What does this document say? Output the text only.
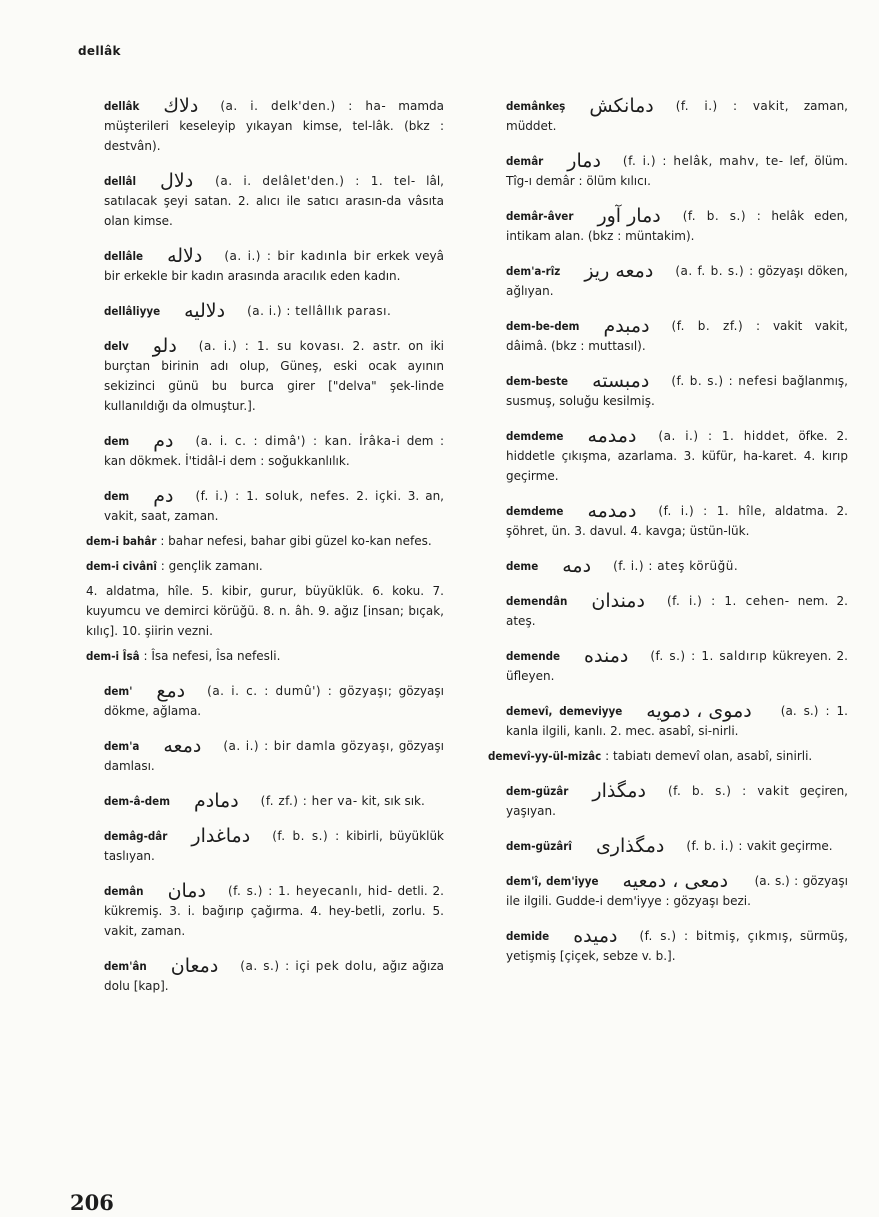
dellâk
dellâk دلاك (a. i. delk'den.) : ha- mamda müşterileri keseleyip yıkayan kimse, tel-lâk. (bkz : destvân).
dellâl دلال (a. i. delâlet'den.) : 1. tel- lâl, satılacak şeyi satan. 2. alıcı ile satıcı arasın-da vâsıta olan kimse.
dellâle دلاله (a. i.) : bir kadınla bir erkek veyâ bir erkekle bir kadın arasında aracılık eden kadın.
dellâliyye دلاليه (a. i.) : tellâllık parası.
delv دلو (a. i.) : 1. su kovası. 2. astr. on iki burçtan birinin adı olup, Güneş, eski ocak ayının sekizinci günü bu burca girer ["delva" şek-linde kullanıldığı da olmuştur.].
dem دم (a. i. c. : dimâ') : kan. İrâka-i dem : kan dökmek. İ'tidâl-i dem : soğukkanlılık.
dem دم (f. i.) : 1. soluk, nefes. 2. içki. 3. an, vakit, saat, zaman.
dem-i bahâr : bahar nefesi, bahar gibi güzel ko-kan nefes.
dem-i civânî : gençlik zamanı.
4. aldatma, hîle. 5. kibir, gurur, büyüklük. 6. koku. 7. kuyumcu ve demirci körüğü. 8. n. âh. 9. ağız [insan; bıçak, kılıç]. 10. şiirin vezni.
dem-i Îsâ : Îsa nefesi, Îsa nefesli.
dem' دمع (a. i. c. : dumû') : gözyaşı; gözyaşı dökme, ağlama.
dem'a دمعه (a. i.) : bir damla gözyaşı, gözyaşı damlası.
dem-â-dem دمادم (f. zf.) : her va- kit, sık sık.
demâg-dâr دماغدار (f. b. s.) : kibirli, büyüklük taslıyan.
demân دمان (f. s.) : 1. heyecanlı, hid- detli. 2. kükremiş. 3. i. bağırıp çağırma. 4. hey-betli, zorlu. 5. vakit, zaman.
dem'ân دمعان (a. s.) : içi pek dolu, ağız ağıza dolu [kap].
demânkeş دمانكش (f. i.) : vakit, zaman, müddet.
demâr دمار (f. i.) : helâk, mahv, te- lef, ölüm. Tîg-ı demâr : ölüm kılıcı.
demâr-âver دمار آور (f. b. s.) : helâk eden, intikam alan. (bkz : müntakim).
dem'a-rîz دمعه ريز (a. f. b. s.) : gözyaşı döken, ağlıyan.
dem-be-dem دمبدم (f. b. zf.) : vakit vakit, dâimâ. (bkz : muttasıl).
dem-beste دمبسته (f. b. s.) : nefesi bağlanmış, susmuş, soluğu kesilmiş.
demdeme دمدمه (a. i.) : 1. hiddet, öfke. 2. hiddetle çıkışma, azarlama. 3. küfür, ha-karet. 4. kırıp geçirme.
demdeme دمدمه (f. i.) : 1. hîle, aldatma. 2. şöhret, ün. 3. davul. 4. kavga; üstün-lük.
deme دمه (f. i.) : ateş körüğü.
demendân دمندان (f. i.) : 1. cehen- nem. 2. ateş.
demende دمنده (f. s.) : 1. saldırıp kükreyen. 2. üfleyen.
demevî, demeviyye دموى ، دمويه (a. s.) : 1. kanla ilgili, kanlı. 2. mec. asabî, si-nirli.
demevî-yy-ül-mizâc : tabiatı demevî olan, asabî, sinirli.
dem-güzâr دمگذار (f. b. s.) : vakit geçiren, yaşıyan.
dem-güzârî دمگذارى (f. b. i.) : vakit geçirme.
dem'î, dem'iyye دمعى ، دمعيه (a. s.) : gözyaşı ile ilgili. Gudde-i dem'iyye : gözyaşı bezi.
demide دميده (f. s.) : bitmiş, çıkmış, sürmüş, yetişmiş [çiçek, sebze v. b.].
206
